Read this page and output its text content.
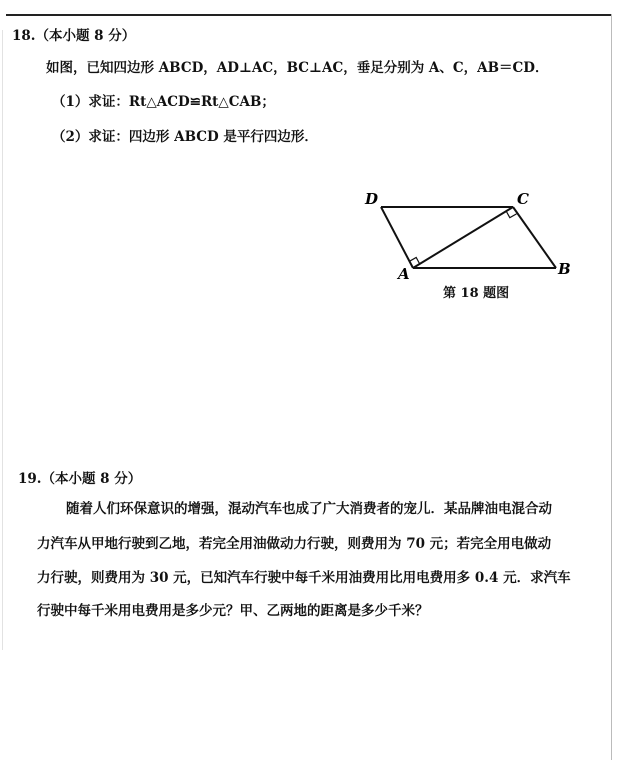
18.（本小题 8 分）
如图，已知四边形 ABCD，AD⊥AC，BC⊥AC，垂足分别为 A、C，AB＝CD．
（1）求证：Rt△ACD≌Rt△CAB；
（2）求证：四边形 ABCD 是平行四边形．
D	C
B
A
第 18 题图
19.（本小题 8 分）
随着人们环保意识的增强，混动汽车也成了广大消费者的宠儿．某品牌油电混合动
力汽车从甲地行驶到乙地，若完全用油做动力行驶，则费用为 70 元；若完全用电做动
力行驶，则费用为 30 元，已知汽车行驶中每千米用油费用比用电费用多 0.4 元．求汽车
行驶中每千米用电费用是多少元？甲、乙两地的距离是多少千米？
